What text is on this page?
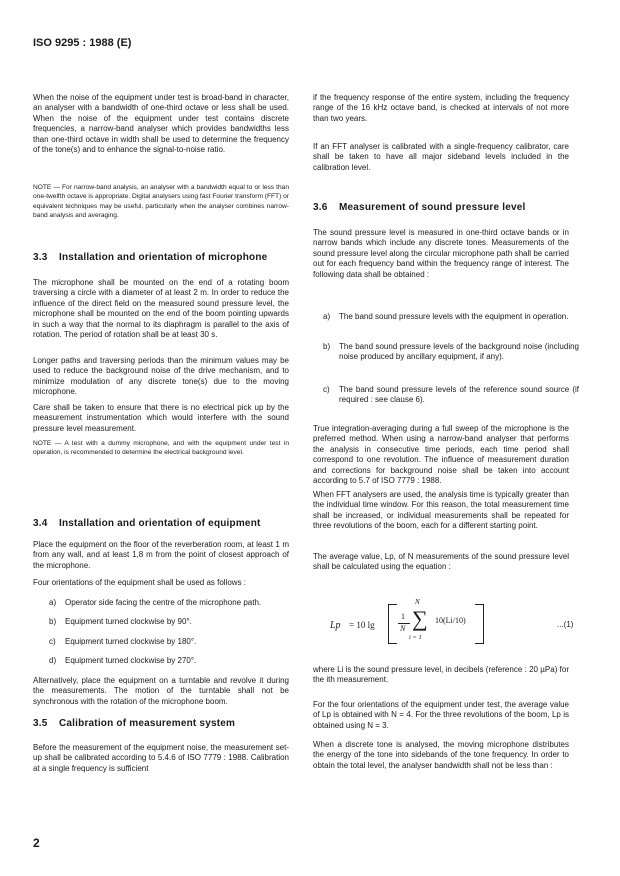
ISO 9295 : 1988 (E)
When the noise of the equipment under test is broad-band in character, an analyser with a bandwidth of one-third octave or less shall be used. When the noise of the equipment under test contains discrete frequencies, a narrow-band analyser which provides bandwidths less than one-third octave in width shall be used to determine the frequency of the tone(s) and to enhance the signal-to-noise ratio.
NOTE — For narrow-band analysis, an analyser with a bandwidth equal to or less than one-twelfth octave is appropriate. Digital analysers using fast Fourier transform (FFT) or equivalent techniques may be useful, particularly when the analyser combines narrow-band analysis and averaging.
3.3 Installation and orientation of microphone
The microphone shall be mounted on the end of a rotating boom traversing a circle with a diameter of at least 2 m. In order to reduce the influence of the direct field on the measured sound pressure level, the microphone shall be mounted on the end of the boom pointing upwards in such a way that the normal to its diaphragm is parallel to the axis of rotation. The period of rotation shall be at least 30 s.
Longer paths and traversing periods than the minimum values may be used to reduce the background noise of the drive mechanism, and to minimize modulation of any discrete tone(s) due to the moving microphone.
Care shall be taken to ensure that there is no electrical pick up by the measurement instrumentation which would interfere with the sound pressure level measurement.
NOTE — A test with a dummy microphone, and with the equipment under test in operation, is recommended to determine the electrical background level.
3.4 Installation and orientation of equipment
Place the equipment on the floor of the reverberation room, at least 1 m from any wall, and at least 1,8 m from the point of closest approach of the microphone.
Four orientations of the equipment shall be used as follows :
a) Operator side facing the centre of the microphone path.
b) Equipment turned clockwise by 90°.
c) Equipment turned clockwise by 180°.
d) Equipment turned clockwise by 270°.
Alternatively, place the equipment on a turntable and revolve it during the measurements. The motion of the turntable shall not be synchronous with the rotation of the microphone boom.
3.5 Calibration of measurement system
Before the measurement of the equipment noise, the measurement set-up shall be calibrated according to 5.4.6 of ISO 7779 : 1988. Calibration at a single frequency is sufficient
if the frequency response of the entire system, including the frequency range of the 16 kHz octave band, is checked at intervals of not more than two years.
If an FFT analyser is calibrated with a single-frequency calibrator, care shall be taken to have all major sideband levels included in the calibration level.
3.6 Measurement of sound pressure level
The sound pressure level is measured in one-third octave bands or in narrow bands which include any discrete tones. Measurements of the sound pressure level along the circular microphone path shall be carried out for each frequency band within the frequency range of interest. The following data shall be obtained :
a) The band sound pressure levels with the equipment in operation.
b) The band sound pressure levels of the background noise (including noise produced by ancillary equipment, if any).
c) The band sound pressure levels of the reference sound source (if required : see clause 6).
True integration-averaging during a full sweep of the microphone is the preferred method. When using a narrow-band analyser that performs the analysis in consecutive time periods, each time period shall correspond to one revolution. The influence of measurement duration and corrections for background noise shall be taken into account according to 5.7 of ISO 7779 : 1988.
When FFT analysers are used, the analysis time is typically greater than the individual time window. For this reason, the total measurement time shall be increased, or individual measurements shall be repeated for three revolutions of the boom, each for a different starting point.
The average value, Lp, of N measurements of the sound pressure level shall be calculated using the equation :
Lp = 10 lg
1
N
N
∑
i = 1
10(Li/10)	...(1)
where Li is the sound pressure level, in decibels (reference : 20 µPa) for the ith measurement.
For the four orientations of the equipment under test, the average value of Lp is obtained with N = 4. For the three revolutions of the boom, Lp is obtained using N = 3.
When a discrete tone is analysed, the moving microphone distributes the energy of the tone into sidebands of the tone frequency. In order to obtain the total level, the analyser bandwidth shall not be less than :
2
